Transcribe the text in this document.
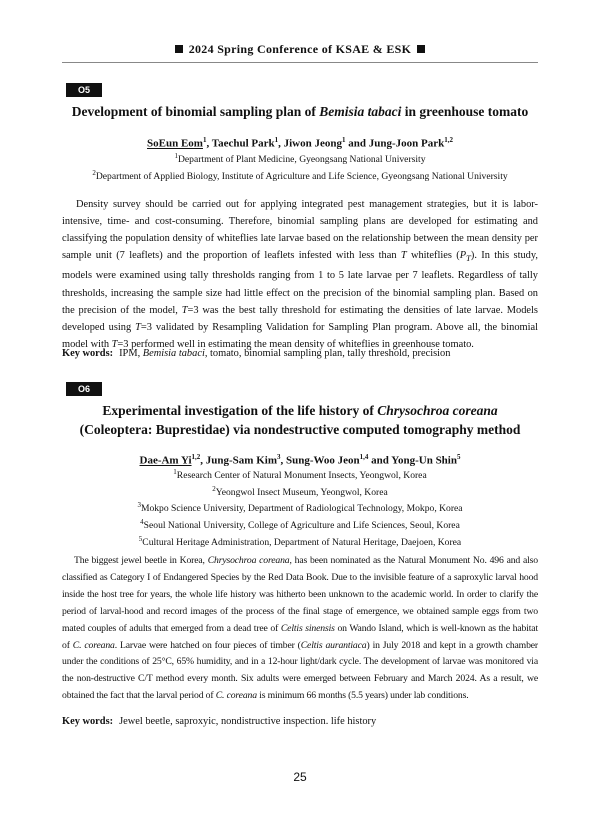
2024 Spring Conference of KSAE & ESK
O5
Development of binomial sampling plan of Bemisia tabaci in greenhouse tomato
SoEun Eom$^1$, Taechul Park$^1$, Jiwon Jeong$^1$ and Jung-Joon Park$^{1,2}$
$^1$Department of Plant Medicine, Gyeongsang National University
$^2$Department of Applied Biology, Institute of Agriculture and Life Science, Gyeongsang National University
Density survey should be carried out for applying integrated pest management strategies, but it is labor-intensive, time- and cost-consuming. Therefore, binomial sampling plans are developed for estimating and classifying the population density of whiteflies late larvae based on the relationship between the mean density per sample unit (7 leaflets) and the proportion of leaflets infested with less than T whiteflies $(P_T)$. In this study, models were examined using tally thresholds ranging from 1 to 5 late larvae per 7 leaflets. Regardless of tally thresholds, increasing the sample size had little effect on the precision of the binomial sampling plan. Based on the precision of the model, T=3 was the best tally threshold for estimating the densities of late larvae. Models developed using T=3 validated by Resampling Validation for Sampling Plan program. Above all, the binomial model with T=3 performed well in estimating the mean density of whiteflies in greenhouse tomato.
Key words: IPM, Bemisia tabaci, tomato, binomial sampling plan, tally threshold, precision
O6
Experimental investigation of the life history of Chrysochroa coreana
(Coleoptera: Buprestidae) via nondestructive computed tomography method
Dae-Am Yi$^{1,2}$, Jung-Sam Kim$^3$, Sung-Woo Jeon$^{1,4}$ and Yong-Un Shin$^5$
$^1$Research Center of Natural Monument Insects, Yeongwol, Korea
$^2$Yeongwol Insect Museum, Yeongwol, Korea
$^3$Mokpo Science University, Department of Radiological Technology, Mokpo, Korea
$^4$Seoul National University, College of Agriculture and Life Sciences, Seoul, Korea
$^5$Cultural Heritage Administration, Department of Natural Heritage, Daejoen, Korea
The biggest jewel beetle in Korea, Chrysochroa coreana, has been nominated as the Natural Monument No. 496 and also classified as Category I of Endangered Species by the Red Data Book. Due to the invisible feature of a saproxylic larval hood inside the host tree for years, the whole life history was hitherto been unknown to the academic world. In order to clarify the period of larval-hood and record images of the process of the final stage of emergence, we obtained sample eggs from two mated couples of adults that emerged from a dead tree of Celtis sinensis on Wando Island, which is well-known as the habitat of C. coreana. Larvae were hatched on four pieces of timber (Celtis aurantiaca) in July 2018 and kept in a growth chamber under the conditions of 25°C, 65% humidity, and in a 12-hour light/dark cycle. The development of larvae was monitored via the non-destructive C/T method every month. Six adults were emerged between February and March 2024. As a result, we obtained the fact that the larval period of C. coreana is minimum 66 months (5.5 years) under lab conditions.
Key words: Jewel beetle, saproxyic, nondistructive inspection. life history
25
